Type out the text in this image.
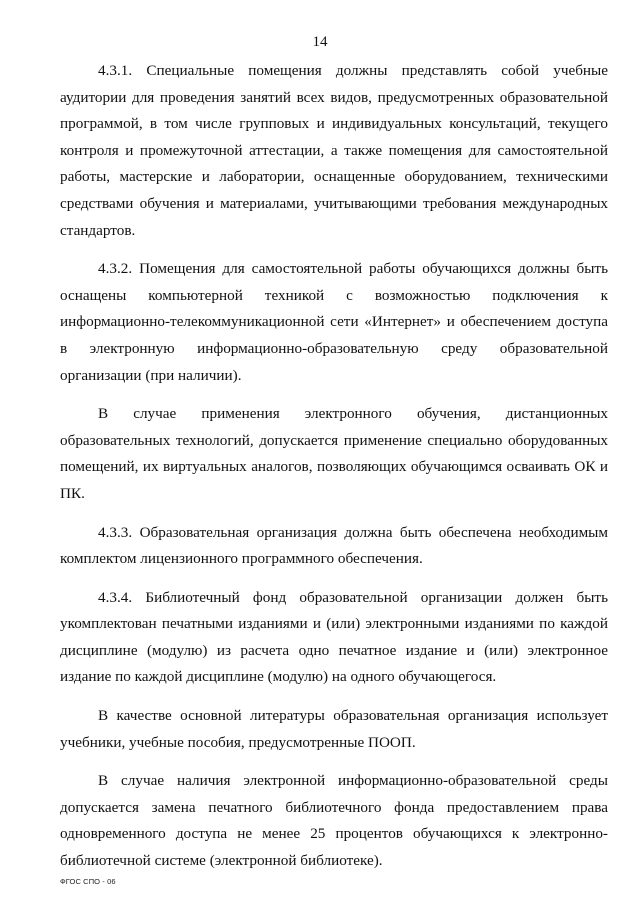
14

4.3.1. Специальные помещения должны представлять собой учебные аудитории для проведения занятий всех видов, предусмотренных образовательной программой, в том числе групповых и индивидуальных консультаций, текущего контроля и промежуточной аттестации, а также помещения для самостоятельной работы, мастерские и лаборатории, оснащенные оборудованием, техническими средствами обучения и материалами, учитывающими требования международных стандартов.

4.3.2. Помещения для самостоятельной работы обучающихся должны быть оснащены компьютерной техникой с возможностью подключения к информационно-телекоммуникационной сети «Интернет» и обеспечением доступа в электронную информационно-образовательную среду образовательной организации (при наличии).

В случае применения электронного обучения, дистанционных образовательных технологий, допускается применение специально оборудованных помещений, их виртуальных аналогов, позволяющих обучающимся осваивать ОК и ПК.

4.3.3. Образовательная организация должна быть обеспечена необходимым комплектом лицензионного программного обеспечения.

4.3.4. Библиотечный фонд образовательной организации должен быть укомплектован печатными изданиями и (или) электронными изданиями по каждой дисциплине (модулю) из расчета одно печатное издание и (или) электронное издание по каждой дисциплине (модулю) на одного обучающегося.

В качестве основной литературы образовательная организация использует учебники, учебные пособия, предусмотренные ПООП.

В случае наличия электронной информационно-образовательной среды допускается замена печатного библиотечного фонда предоставлением права одновременного доступа не менее 25 процентов обучающихся к электронно-библиотечной системе (электронной библиотеке).

ФГОС СПО - 06
